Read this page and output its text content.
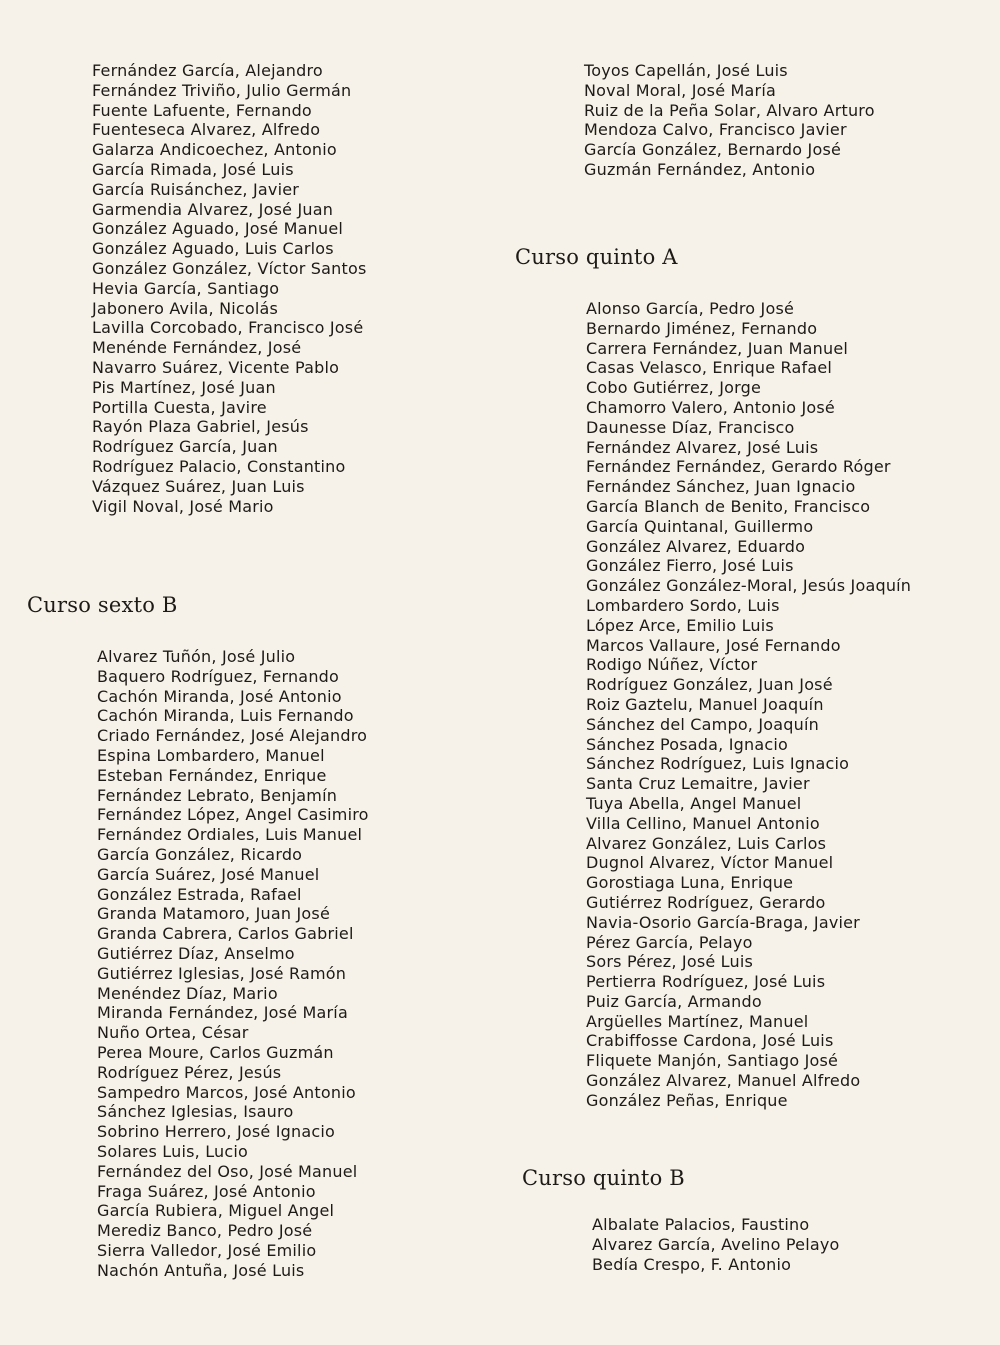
Fernández García, Alejandro
Fernández Triviño, Julio Germán
Fuente Lafuente, Fernando
Fuenteseca Alvarez, Alfredo
Galarza Andicoechez, Antonio
García Rimada, José Luis
García Ruisánchez, Javier
Garmendia Alvarez, José Juan
González Aguado, José Manuel
González Aguado, Luis Carlos
González González, Víctor Santos
Hevia García, Santiago
Jabonero Avila, Nicolás
Lavilla Corcobado, Francisco José
Menénde Fernández, José
Navarro Suárez, Vicente Pablo
Pis Martínez, José Juan
Portilla Cuesta, Javire
Rayón Plaza Gabriel, Jesús
Rodríguez García, Juan
Rodríguez Palacio, Constantino
Vázquez Suárez, Juan Luis
Vigil Noval, José Mario
Curso sexto B
Alvarez Tuñón, José Julio
Baquero Rodríguez, Fernando
Cachón Miranda, José Antonio
Cachón Miranda, Luis Fernando
Criado Fernández, José Alejandro
Espina Lombardero, Manuel
Esteban Fernández, Enrique
Fernández Lebrato, Benjamín
Fernández López, Angel Casimiro
Fernández Ordiales, Luis Manuel
García González, Ricardo
García Suárez, José Manuel
González Estrada, Rafael
Granda Matamoro, Juan José
Granda Cabrera, Carlos Gabriel
Gutiérrez Díaz, Anselmo
Gutiérrez Iglesias, José Ramón
Menéndez Díaz, Mario
Miranda Fernández, José María
Nuño Ortea, César
Perea Moure, Carlos Guzmán
Rodríguez Pérez, Jesús
Sampedro Marcos, José Antonio
Sánchez Iglesias, Isauro
Sobrino Herrero, José Ignacio
Solares Luis, Lucio
Fernández del Oso, José Manuel
Fraga Suárez, José Antonio
García Rubiera, Miguel Angel
Merediz Banco, Pedro José
Sierra Valledor, José Emilio
Nachón Antuña, José Luis
Toyos Capellán, José Luis
Noval Moral, José María
Ruiz de la Peña Solar, Alvaro Arturo
Mendoza Calvo, Francisco Javier
García González, Bernardo José
Guzmán Fernández, Antonio
Curso quinto A
Alonso García, Pedro José
Bernardo Jiménez, Fernando
Carrera Fernández, Juan Manuel
Casas Velasco, Enrique Rafael
Cobo Gutiérrez, Jorge
Chamorro Valero, Antonio José
Daunesse Díaz, Francisco
Fernández Alvarez, José Luis
Fernández Fernández, Gerardo Róger
Fernández Sánchez, Juan Ignacio
García Blanch de Benito, Francisco
García Quintanal, Guillermo
González Alvarez, Eduardo
González Fierro, José Luis
González González-Moral, Jesús Joaquín
Lombardero Sordo, Luis
López Arce, Emilio Luis
Marcos Vallaure, José Fernando
Rodigo Núñez, Víctor
Rodríguez González, Juan José
Roiz Gaztelu, Manuel Joaquín
Sánchez del Campo, Joaquín
Sánchez Posada, Ignacio
Sánchez Rodríguez, Luis Ignacio
Santa Cruz Lemaitre, Javier
Tuya Abella, Angel Manuel
Villa Cellino, Manuel Antonio
Alvarez González, Luis Carlos
Dugnol Alvarez, Víctor Manuel
Gorostiaga Luna, Enrique
Gutiérrez Rodríguez, Gerardo
Navia-Osorio García-Braga, Javier
Pérez García, Pelayo
Sors Pérez, José Luis
Pertierra Rodríguez, José Luis
Puiz García, Armando
Argüelles Martínez, Manuel
Crabiffosse Cardona, José Luis
Fliquete Manjón, Santiago José
González Alvarez, Manuel Alfredo
González Peñas, Enrique
Curso quinto B
Albalate Palacios, Faustino
Alvarez García, Avelino Pelayo
Bedía Crespo, F. Antonio
